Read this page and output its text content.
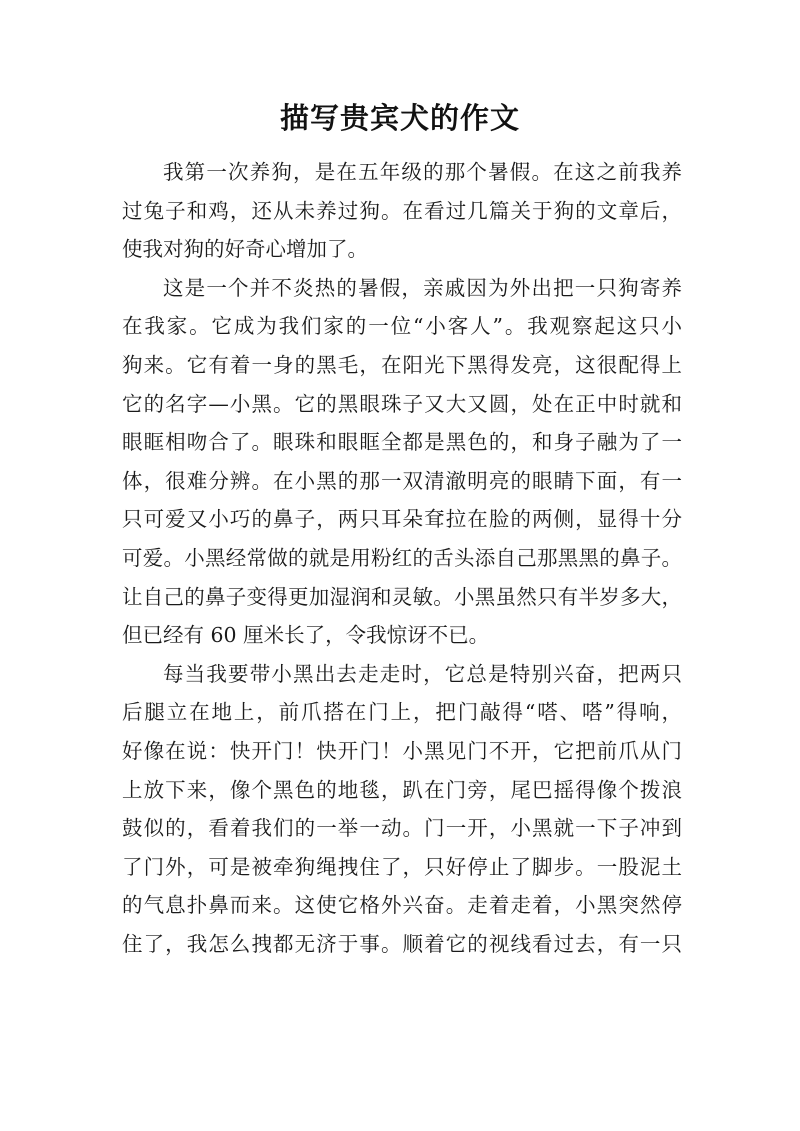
描写贵宾犬的作文
我第一次养狗，是在五年级的那个暑假。在这之前我养
过兔子和鸡，还从未养过狗。在看过几篇关于狗的文章后，
使我对狗的好奇心增加了。
这是一个并不炎热的暑假，亲戚因为外出把一只狗寄养
在我家。它成为我们家的一位“小客人”。我观察起这只小
狗来。它有着一身的黑毛，在阳光下黑得发亮，这很配得上
它的名字—小黑。它的黑眼珠子又大又圆，处在正中时就和
眼眶相吻合了。眼珠和眼眶全都是黑色的，和身子融为了一
体，很难分辨。在小黑的那一双清澈明亮的眼睛下面，有一
只可爱又小巧的鼻子，两只耳朵耷拉在脸的两侧，显得十分
可爱。小黑经常做的就是用粉红的舌头添自己那黑黑的鼻子。
让自己的鼻子变得更加湿润和灵敏。小黑虽然只有半岁多大，
但已经有 60 厘米长了，令我惊讶不已。
每当我要带小黑出去走走时，它总是特别兴奋，把两只
后腿立在地上，前爪搭在门上，把门敲得“嗒、嗒”得响，
好像在说：快开门！快开门！小黑见门不开，它把前爪从门
上放下来，像个黑色的地毯，趴在门旁，尾巴摇得像个拨浪
鼓似的，看着我们的一举一动。门一开，小黑就一下子冲到
了门外，可是被牵狗绳拽住了，只好停止了脚步。一股泥土
的气息扑鼻而来。这使它格外兴奋。走着走着，小黑突然停
住了，我怎么拽都无济于事。顺着它的视线看过去，有一只
